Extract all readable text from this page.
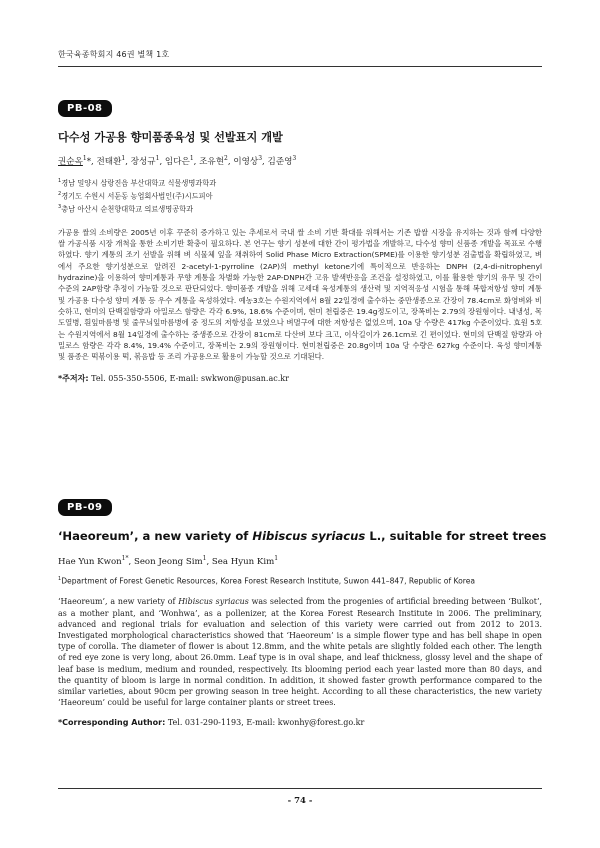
한국육종학회지 46권 별책 1호
PB-08
다수성 가공용 향미품종육성 및 선발표지 개발
권순옥$^1$*, 전태환$^1$, 장성규$^1$, 임다은$^1$, 조유현$^2$, 이영상$^3$, 김준영$^3$
$^1$경남 밀양시 삼랑진읍 부산대학교 식물생명과학과
$^2$경기도 수원시 서둔동 농업회사법인(주)시드피아
$^3$충남 아산시 순천향대학교 의료생명공학과

가공용 쌀의 소비량은 2005년 이후 꾸준히 증가하고 있는 추세로서 국내 쌀 소비 기반 확대를 위해서는 기존 밥쌀 시장을 유지하는 것과 함께 다양한 쌀 가공식품 시장 개척을 통한 소비기반 확충이 필요하다. 본 연구는 향기 성분에 대한 간이 평가법을 개발하고, 다수성 향미 신품종 개발을 목표로 수행하였다. 향기 계통의 조기 선발을 위해 벼 식물체 잎을 채취하여 Solid Phase Micro Extraction(SPME)를 이용한 향기성분 검출법을 확립하였고, 벼에서 주요한 향기성분으로 알려진 2-acetyl-1-pyrroline (2AP)의 methyl ketone기에 특이적으로 반응하는 DNPH (2,4-di-nitrophenyl hydrazine)을 이용하여 향미계통과 무향 계통을 차별화 가능한 2AP-DNPH간 고유 발색반응을 조건을 설정하였고, 이를 활용한 향기의 유무 및 간이 수준의 2AP함량 추정이 가능할 것으로 판단되었다. 향미품종 개발을 위해 고세대 육성계통의 생산력 및 지역적응성 시험을 통해 복합저항성 향미 계통 및 가공용 다수성 향미 계통 등 우수 계통을 육성하였다. 예농3호는 수원지역에서 8월 22일경에 출수하는 중만생종으로 간장이 78.4cm로 화영벼와 비슷하고, 현미의 단백질함량과 아밀로스 함량은 각각 6.9%, 18.6% 수준이며, 현미 천립중은 19.4g정도이고, 장폭비는 2.79의 장원형이다. 내냉성, 목도열병, 흰잎마름병 및 줄무늬잎마름병에 중 정도의 저항성을 보였으나 벼멸구에 대한 저항성은 없었으며, 10a 당 수량은 417kg 수준이었다. 효원 5호는 수원지역에서 8월 14일경에 출수하는 중생종으로 간장이 81cm로 다산벼 보다 크고, 이삭길이가 26.1cm로 긴 편이었다. 현미의 단백질 함량과 아밀로스 함량은 각각 8.4%, 19.4% 수준이고, 장폭비는 2.9의 장원형이다. 현미천립중은 20.8g이며 10a 당 수량은 627kg 수준이다. 육성 향미계통 및 품종은 떡볶이용 떡, 볶음밥 등 조리 가공용으로 활용이 가능할 것으로 기대된다.

*주저자: Tel. 055-350-5506, E-mail: swkwon@pusan.ac.kr
PB-09
‘Haeoreum’, a new variety of Hibiscus syriacus L., suitable for street trees
Hae Yun Kwon$^{1*}$, Seon Jeong Sim$^1$, Sea Hyun Kim$^1$
$^1$Department of Forest Genetic Resources, Korea Forest Research Institute, Suwon 441–847, Republic of Korea

‘Haeoreum’, a new variety of Hibiscus syriacus was selected from the progenies of artificial breeding between ‘Bulkot’, as a mother plant, and ‘Wonhwa’, as a pollenizer, at the Korea Forest Research Institute in 2006. The preliminary, advanced and regional trials for evaluation and selection of this variety were carried out from 2012 to 2013. Investigated morphological characteristics showed that ‘Haeoreum’ is a simple flower type and has bell shape in open type of corolla. The diameter of flower is about 12.8mm, and the white petals are slightly folded each other. The length of red eye zone is very long, about 26.0mm. Leaf type is in oval shape, and leaf thickness, glossy level and the shape of leaf base is medium, medium and rounded, respectively. Its blooming period each year lasted more than 80 days, and the quantity of bloom is large in normal condition. In addition, it showed faster growth performance compared to the similar varieties, about 90cm per growing season in tree height. According to all these characteristics, the new variety ‘Haeoreum’ could be useful for large container plants or street trees.

*Corresponding Author: Tel. 031-290-1193, E-mail: kwonhy@forest.go.kr
- 74 -
